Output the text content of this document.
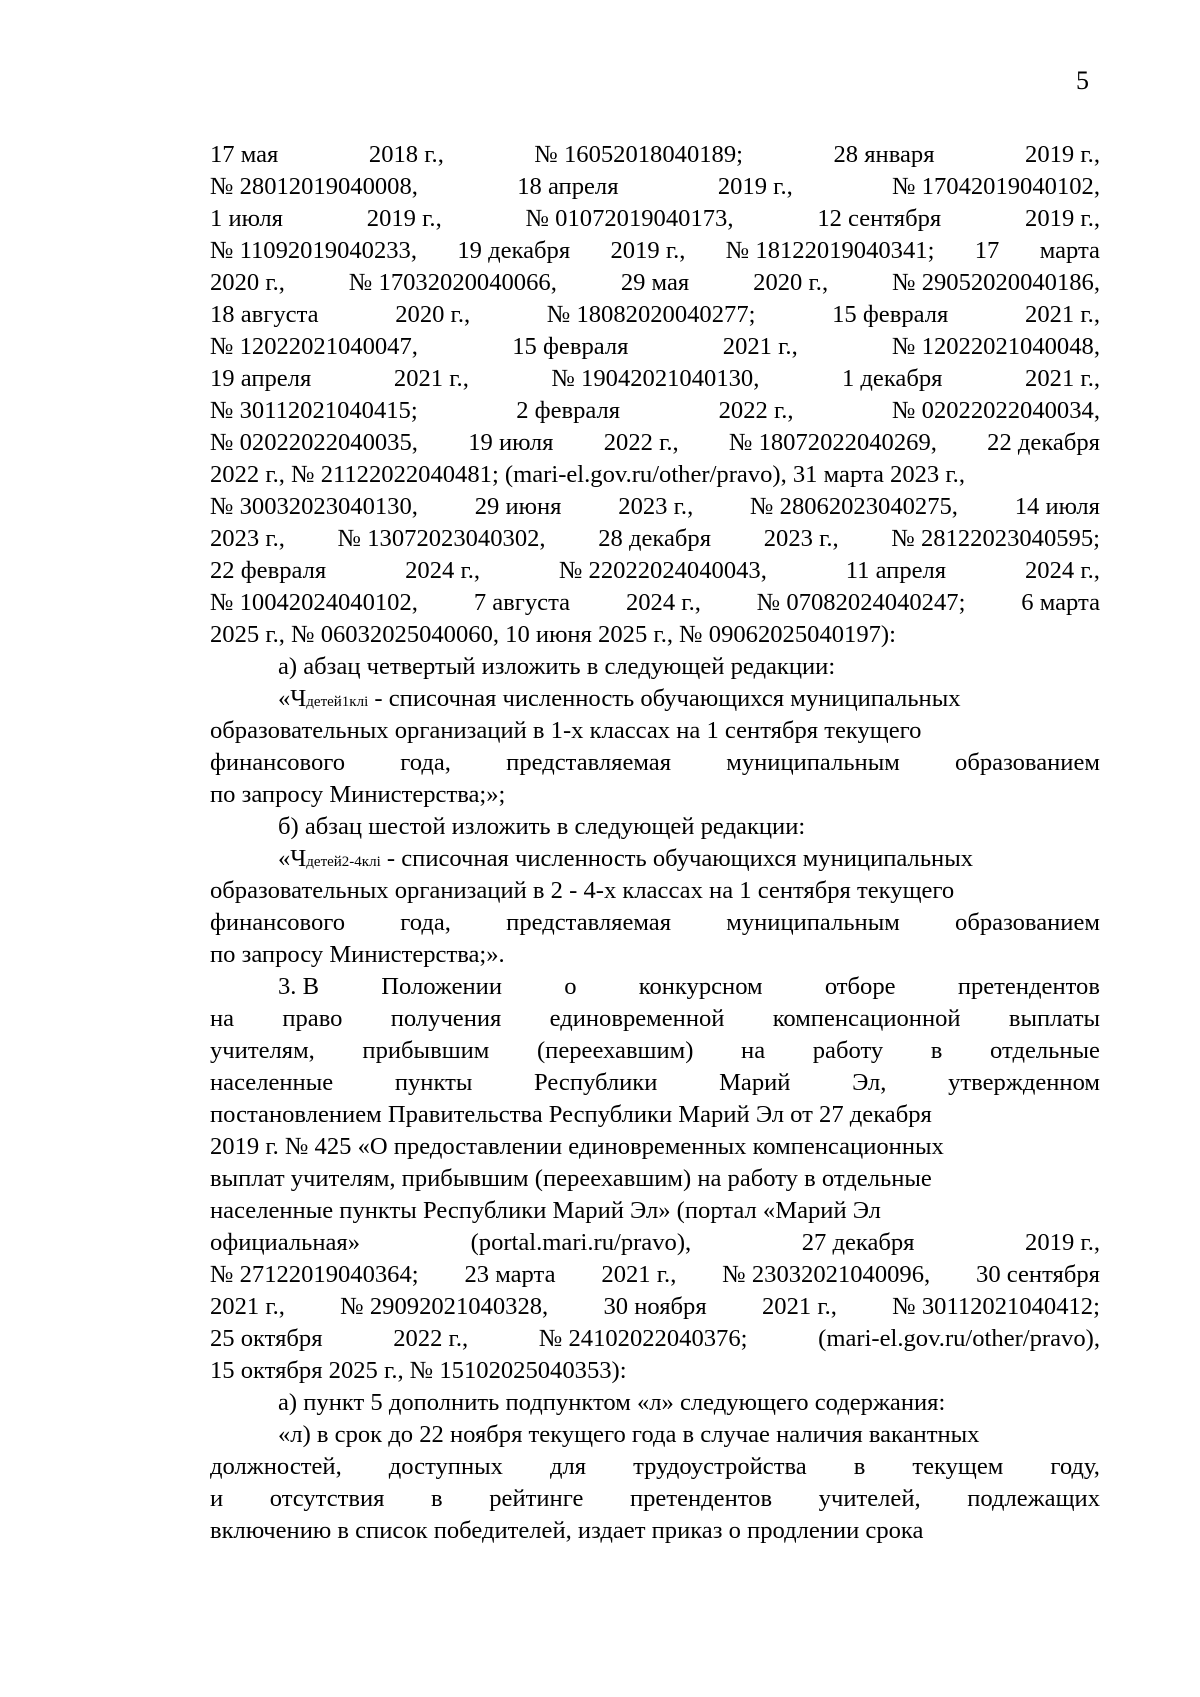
5
17 мая	2018 г.,	№ 16052018040189;	28 января	2019 г.,
№ 28012019040008,	18 апреля	2019 г.,	№ 17042019040102,
1 июля	2019 г.,	№ 01072019040173,	12 сентября	2019 г.,
№ 11092019040233, 19 декабря 2019 г., № 18122019040341; 17 марта
2020 г.,	№ 17032020040066,	29 мая	2020 г.,	№ 29052020040186,
18 августа	2020 г.,	№ 18082020040277;	15 февраля	2021 г.,
№ 12022021040047,	15 февраля	2021 г.,	№ 12022021040048,
19 апреля	2021 г.,	№ 19042021040130,	1 декабря	2021 г.,
№ 30112021040415;	2 февраля	2022 г.,	№ 02022022040034,
№ 02022022040035, 19 июля 2022 г., № 18072022040269, 22 декабря
2022 г., № 21122022040481; (mari-el.gov.ru/other/pravo), 31 марта 2023 г.,
№ 30032023040130, 29 июня 2023 г., № 28062023040275, 14 июля
2023 г., № 13072023040302, 28 декабря 2023 г., № 28122023040595;
22 февраля	2024 г.,	№ 22022024040043,	11 апреля	2024 г.,
№ 10042024040102, 7 августа 2024 г., № 07082024040247; 6 марта
2025 г., № 06032025040060, 10 июня 2025 г., № 09062025040197):
а) абзац четвертый изложить в следующей редакции:
«Ч детей1клi - списочная численность обучающихся муниципальных
образовательных организаций в 1-х классах на 1 сентября текущего
финансового года, представляемая муниципальным образованием
по запросу Министерства;»;
б) абзац шестой изложить в следующей редакции:
«Ч детей2-4клi - списочная численность обучающихся муниципальных
образовательных организаций в 2 - 4-х классах на 1 сентября текущего
финансового года, представляемая муниципальным образованием
по запросу Министерства;».
3. В	Положении	о	конкурсном	отборе	претендентов
на право получения единовременной компенсационной выплаты
учителям, прибывшим (переехавшим) на работу в отдельные
населенные	пункты	Республики	Марий	Эл,	утвержденном
постановлением Правительства Республики Марий Эл от 27 декабря
2019 г. № 425 «О предоставлении единовременных компенсационных
выплат учителям, прибывшим (переехавшим) на работу в отдельные
населенные пункты Республики Марий Эл» (портал «Марий Эл
официальная»	(portal.mari.ru/pravo),	27 декабря	2019 г.,
№ 27122019040364; 23 марта 2021 г., № 23032021040096, 30 сентября
2021 г., № 29092021040328, 30 ноября 2021 г., № 30112021040412;
25 октября	2022 г.,	№ 24102022040376;	(mari-el.gov.ru/other/pravo),
15 октября 2025 г., № 15102025040353):
а) пункт 5 дополнить подпунктом «л» следующего содержания:
«л) в срок до 22 ноября текущего года в случае наличия вакантных
должностей, доступных для трудоустройства в текущем году,
и отсутствия в рейтинге претендентов учителей, подлежащих
включению в список победителей, издает приказ о продлении срока
